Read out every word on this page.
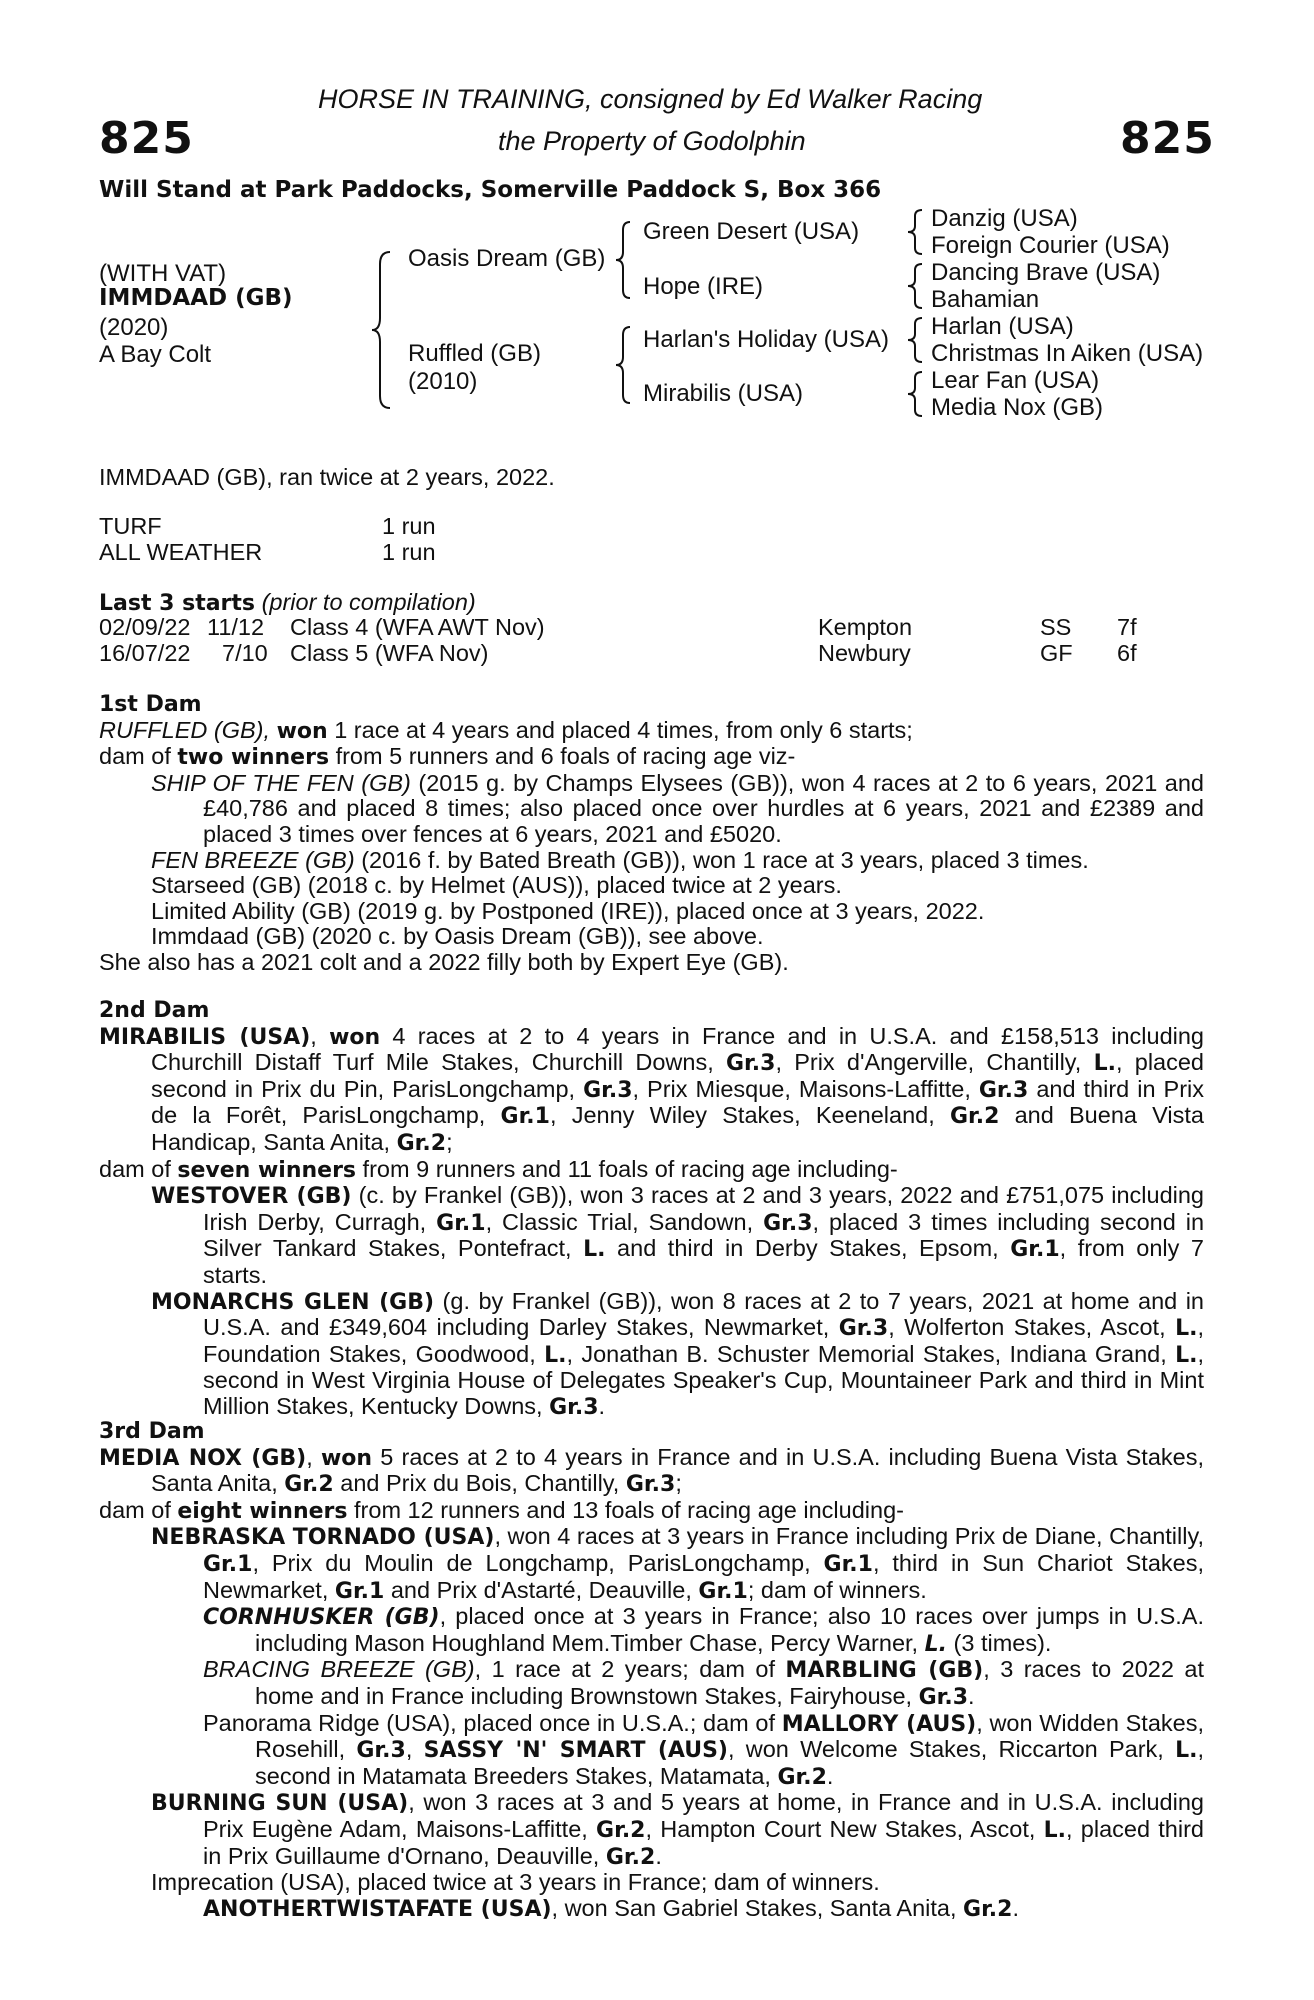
HORSE IN TRAINING, consigned by Ed Walker Racing
the Property of Godolphin
825	825
Will Stand at Park Paddocks, Somerville Paddock S, Box 366
(WITH VAT)
IMMDAAD (GB)
(2020)
A Bay Colt
Oasis Dream (GB)
Ruffled (GB)
(2010)
Green Desert (USA)
Hope (IRE)
Harlan's Holiday (USA)
Mirabilis (USA)
Danzig (USA)
Foreign Courier (USA)
Dancing Brave (USA)
Bahamian
Harlan (USA)
Christmas In Aiken (USA)
Lear Fan (USA)
Media Nox (GB)
IMMDAAD (GB), ran twice at 2 years, 2022.
TURF	1 run
ALL WEATHER	1 run
Last 3 starts (prior to compilation)
02/09/22 11/12 Class 4 (WFA AWT Nov)	Kempton	SS 7f
16/07/22 7/10 Class 5 (WFA Nov)	Newbury	GF 6f
1st Dam
RUFFLED (GB), won 1 race at 4 years and placed 4 times, from only 6 starts;
dam of two winners from 5 runners and 6 foals of racing age viz-
SHIP OF THE FEN (GB) (2015 g. by Champs Elysees (GB)), won 4 races at 2 to 6 years, 2021 and £40,786 and placed 8 times; also placed once over hurdles at 6 years, 2021 and £2389 and placed 3 times over fences at 6 years, 2021 and £5020.
FEN BREEZE (GB) (2016 f. by Bated Breath (GB)), won 1 race at 3 years, placed 3 times.
Starseed (GB) (2018 c. by Helmet (AUS)), placed twice at 2 years.
Limited Ability (GB) (2019 g. by Postponed (IRE)), placed once at 3 years, 2022.
Immdaad (GB) (2020 c. by Oasis Dream (GB)), see above.
She also has a 2021 colt and a 2022 filly both by Expert Eye (GB).
2nd Dam
MIRABILIS (USA), won 4 races at 2 to 4 years in France and in U.S.A. and £158,513 including Churchill Distaff Turf Mile Stakes, Churchill Downs, Gr.3, Prix d'Angerville, Chantilly, L., placed second in Prix du Pin, ParisLongchamp, Gr.3, Prix Miesque, Maisons-Laffitte, Gr.3 and third in Prix de la Forêt, ParisLongchamp, Gr.1, Jenny Wiley Stakes, Keeneland, Gr.2 and Buena Vista Handicap, Santa Anita, Gr.2;
dam of seven winners from 9 runners and 11 foals of racing age including-
WESTOVER (GB) (c. by Frankel (GB)), won 3 races at 2 and 3 years, 2022 and £751,075 including Irish Derby, Curragh, Gr.1, Classic Trial, Sandown, Gr.3, placed 3 times including second in Silver Tankard Stakes, Pontefract, L. and third in Derby Stakes, Epsom, Gr.1, from only 7 starts.
MONARCHS GLEN (GB) (g. by Frankel (GB)), won 8 races at 2 to 7 years, 2021 at home and in U.S.A. and £349,604 including Darley Stakes, Newmarket, Gr.3, Wolferton Stakes, Ascot, L., Foundation Stakes, Goodwood, L., Jonathan B. Schuster Memorial Stakes, Indiana Grand, L., second in West Virginia House of Delegates Speaker's Cup, Mountaineer Park and third in Mint Million Stakes, Kentucky Downs, Gr.3.
3rd Dam
MEDIA NOX (GB), won 5 races at 2 to 4 years in France and in U.S.A. including Buena Vista Stakes, Santa Anita, Gr.2 and Prix du Bois, Chantilly, Gr.3;
dam of eight winners from 12 runners and 13 foals of racing age including-
NEBRASKA TORNADO (USA), won 4 races at 3 years in France including Prix de Diane, Chantilly, Gr.1, Prix du Moulin de Longchamp, ParisLongchamp, Gr.1, third in Sun Chariot Stakes, Newmarket, Gr.1 and Prix d'Astarté, Deauville, Gr.1; dam of winners.
CORNHUSKER (GB), placed once at 3 years in France; also 10 races over jumps in U.S.A. including Mason Houghland Mem.Timber Chase, Percy Warner, L. (3 times).
BRACING BREEZE (GB), 1 race at 2 years; dam of MARBLING (GB), 3 races to 2022 at home and in France including Brownstown Stakes, Fairyhouse, Gr.3.
Panorama Ridge (USA), placed once in U.S.A.; dam of MALLORY (AUS), won Widden Stakes, Rosehill, Gr.3, SASSY 'N' SMART (AUS), won Welcome Stakes, Riccarton Park, L., second in Matamata Breeders Stakes, Matamata, Gr.2.
BURNING SUN (USA), won 3 races at 3 and 5 years at home, in France and in U.S.A. including Prix Eugène Adam, Maisons-Laffitte, Gr.2, Hampton Court New Stakes, Ascot, L., placed third in Prix Guillaume d'Ornano, Deauville, Gr.2.
Imprecation (USA), placed twice at 3 years in France; dam of winners.
ANOTHERTWISTAFATE (USA), won San Gabriel Stakes, Santa Anita, Gr.2.
